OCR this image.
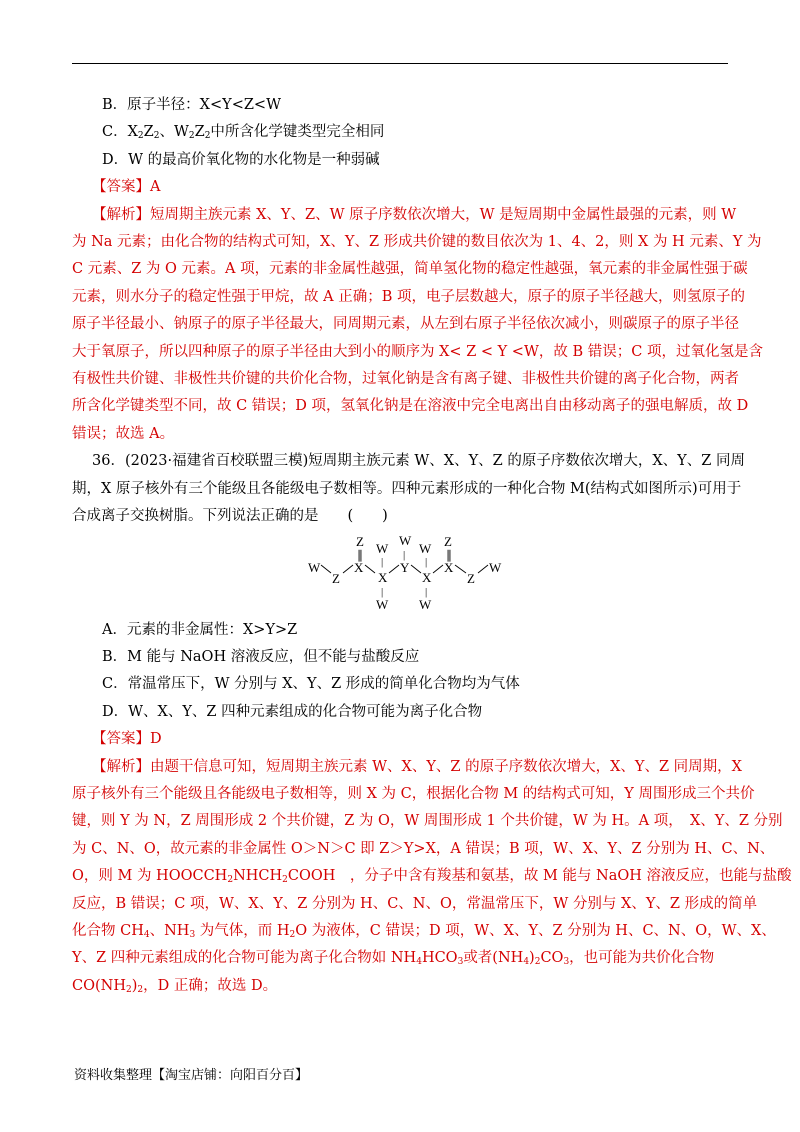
B．原子半径：X<Y<Z<W
C．$X_2Z_2$、$W_2Z_2$中所含化学键类型完全相同
D．W 的最高价氧化物的水化物是一种弱碱
【答案】A
【解析】短周期主族元素 X、Y、Z、W 原子序数依次增大，W 是短周期中金属性最强的元素，则 W
为 Na 元素；由化合物的结构式可知，X、Y、Z 形成共价键的数目依次为 1、4、2，则 X 为 H 元素、Y 为
C 元素、Z 为 O 元素。A 项，元素的非金属性越强，简单氢化物的稳定性越强，氧元素的非金属性强于碳
元素，则水分子的稳定性强于甲烷，故 A 正确；B 项，电子层数越大，原子的原子半径越大，则氢原子的
原子半径最小、钠原子的原子半径最大，同周期元素，从左到右原子半径依次减小，则碳原子的原子半径
大于氧原子，所以四种原子的原子半径由大到小的顺序为 X< Z < Y <W，故 B 错误；C 项，过氧化氢是含
有极性共价键、非极性共价键的共价化合物，过氧化钠是含有离子键、非极性共价键的离子化合物，两者
所含化学键类型不同，故 C 错误；D 项，氢氧化钠是在溶液中完全电离出自由移动离子的强电解质，故 D
错误；故选 A。
36．(2023·福建省百校联盟三模)短周期主族元素 W、X、Y、Z 的原子序数依次增大，X、Y、Z 同周
期，X 原子核外有三个能级且各能级电子数相等。四种元素形成的一种化合物 M(结构式如图所示)可用于
合成离子交换树脂。下列说法正确的是　　(　　)
W
Z
X
Z
∥
X
W
|
|
W
Y
W
|
X
W
|
|
W
X
Z
∥
Z
W
A．元素的非金属性：X>Y>Z
B．M 能与 NaOH 溶液反应，但不能与盐酸反应
C．常温常压下，W 分别与 X、Y、Z 形成的简单化合物均为气体
D．W、X、Y、Z 四种元素组成的化合物可能为离子化合物
【答案】D
【解析】由题干信息可知，短周期主族元素 W、X、Y、Z 的原子序数依次增大，X、Y、Z 同周期，X
原子核外有三个能级且各能级电子数相等，则 X 为 C，根据化合物 M 的结构式可知，Y 周围形成三个共价
键，则 Y 为 N，Z 周围形成 2 个共价键，Z 为 O，W 周围形成 1 个共价键，W 为 H。A 项，　X、Y、Z 分别
为 C、N、O，故元素的非金属性 O＞N＞C 即 Z＞Y>X，A 错误；B 项，W、X、Y、Z 分别为 H、C、N、
O，则 M 为 $HOOCCH_2NHCH_2COOH$　，分子中含有羧基和氨基，故 M 能与 NaOH 溶液反应，也能与盐酸
反应，B 错误；C 项，W、X、Y、Z 分别为 H、C、N、O，常温常压下，W 分别与 X、Y、Z 形成的简单
化合物 $CH_4$、$NH_3$ 为气体，而 $H_2O$ 为液体，C 错误；D 项，W、X、Y、Z 分别为 H、C、N、O，W、X、
Y、Z 四种元素组成的化合物可能为离子化合物如 $NH_4HCO_3$或者$(NH_4)_2CO_3$，也可能为共价化合物
$CO(NH_2)_2$，D 正确；故选 D。
资料收集整理【淘宝店铺：向阳百分百】
